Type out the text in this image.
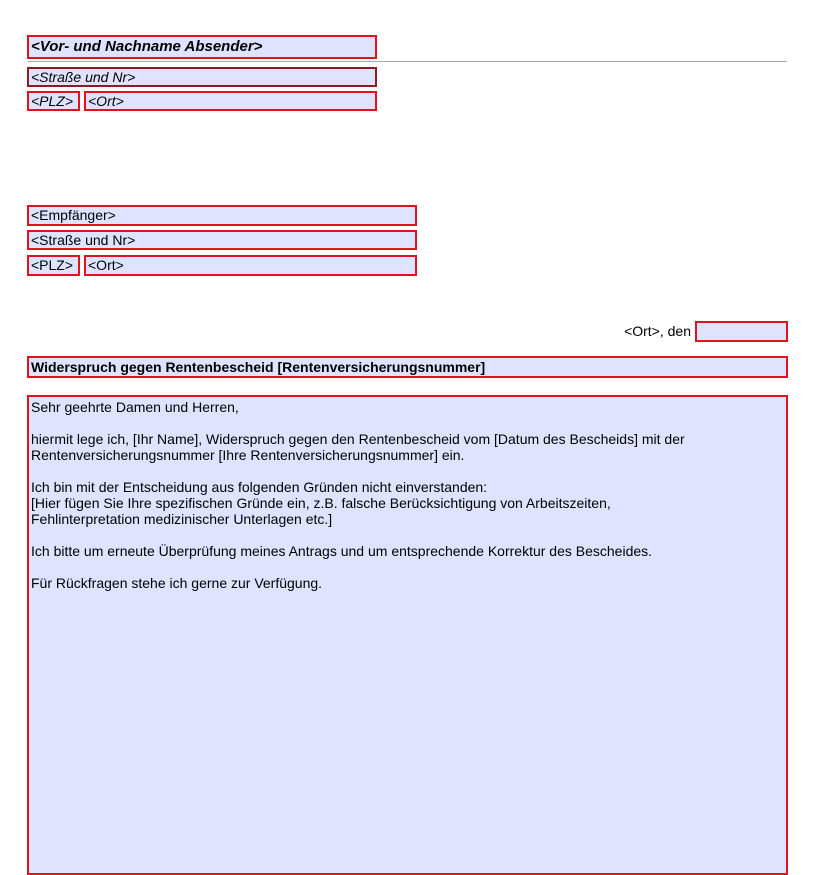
<Vor- und Nachname Absender>
<Straße und Nr>
<PLZ>	<Ort>
<Empfänger>
<Straße und Nr>
<PLZ>	<Ort>
<Ort>, den
Widerspruch gegen Rentenbescheid [Rentenversicherungsnummer]

Sehr geehrte Damen und Herren,

hiermit lege ich, [Ihr Name], Widerspruch gegen den Rentenbescheid vom [Datum des Bescheids] mit der
Rentenversicherungsnummer [Ihre Rentenversicherungsnummer] ein.

Ich bin mit der Entscheidung aus folgenden Gründen nicht einverstanden:
[Hier fügen Sie Ihre spezifischen Gründe ein, z.B. falsche Berücksichtigung von Arbeitszeiten,
Fehlinterpretation medizinischer Unterlagen etc.]

Ich bitte um erneute Überprüfung meines Antrags und um entsprechende Korrektur des Bescheides.

Für Rückfragen stehe ich gerne zur Verfügung.
